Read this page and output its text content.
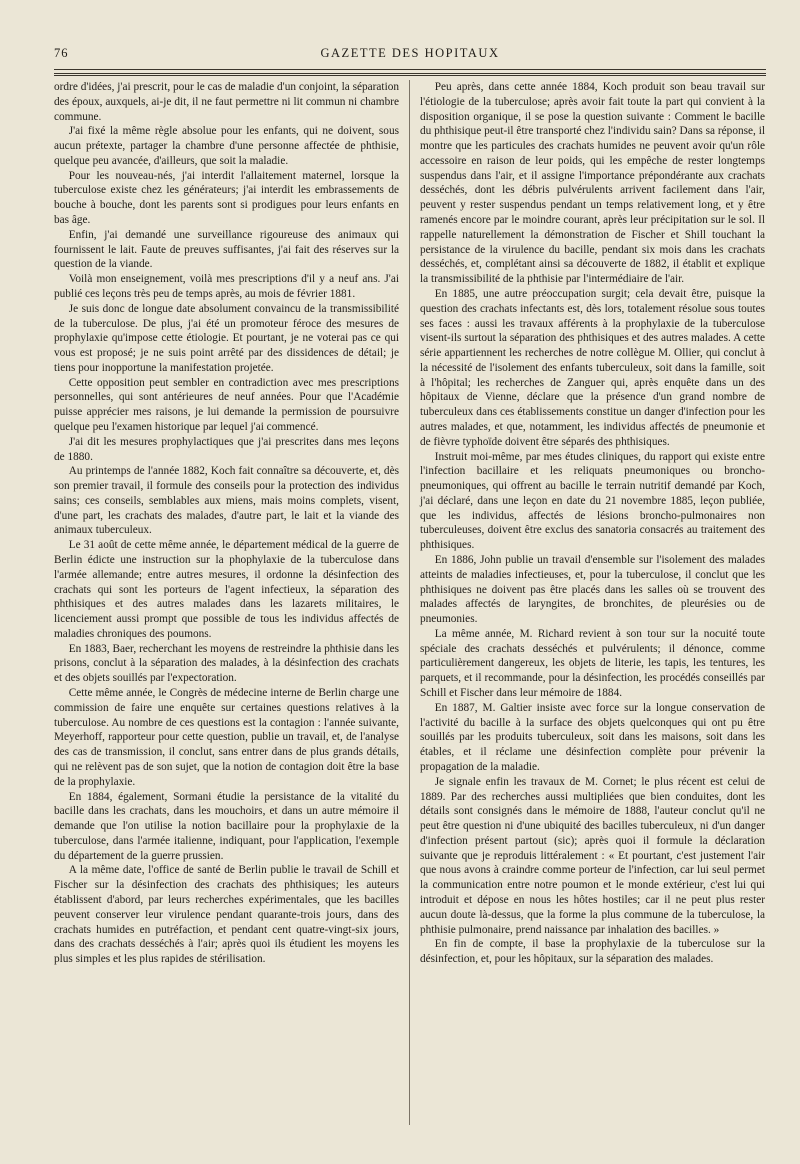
76	GAZETTE DES HOPITAUX

ordre d'idées, j'ai prescrit, pour le cas de maladie d'un conjoint, la séparation des époux, auxquels, ai-je dit, il ne faut permettre ni lit commun ni chambre commune.

J'ai fixé la même règle absolue pour les enfants, qui ne doivent, sous aucun prétexte, partager la chambre d'une personne affectée de phthisie, quelque peu avancée, d'ailleurs, que soit la maladie.

Pour les nouveau-nés, j'ai interdit l'allaitement maternel, lorsque la tuberculose existe chez les générateurs; j'ai interdit les embrassements de bouche à bouche, dont les parents sont si prodigues pour leurs enfants en bas âge.

Enfin, j'ai demandé une surveillance rigoureuse des animaux qui fournissent le lait. Faute de preuves suffisantes, j'ai fait des réserves sur la question de la viande.

Voilà mon enseignement, voilà mes prescriptions d'il y a neuf ans. J'ai publié ces leçons très peu de temps après, au mois de février 1881.

Je suis donc de longue date absolument convaincu de la transmissibilité de la tuberculose. De plus, j'ai été un promoteur féroce des mesures de prophylaxie qu'impose cette étiologie. Et pourtant, je ne voterai pas ce qui vous est proposé; je ne suis point arrêté par des dissidences de détail; je tiens pour inopportune la manifestation projetée.

Cette opposition peut sembler en contradiction avec mes prescriptions personnelles, qui sont antérieures de neuf années. Pour que l'Académie puisse apprécier mes raisons, je lui demande la permission de poursuivre quelque peu l'examen historique par lequel j'ai commencé.

J'ai dit les mesures prophylactiques que j'ai prescrites dans mes leçons de 1880.

Au printemps de l'année 1882, Koch fait connaître sa découverte, et, dès son premier travail, il formule des conseils pour la protection des individus sains; ces conseils, semblables aux miens, mais moins complets, visent, d'une part, les crachats des malades, d'autre part, le lait et la viande des animaux tuberculeux.

Le 31 août de cette même année, le département médical de la guerre de Berlin édicte une instruction sur la phophylaxie de la tuberculose dans l'armée allemande; entre autres mesures, il ordonne la désinfection des crachats qui sont les porteurs de l'agent infectieux, la séparation des phthisiques et des autres malades dans les lazarets militaires, le licenciement aussi prompt que possible de tous les individus affectés de maladies chroniques des poumons.

En 1883, Baer, recherchant les moyens de restreindre la phthisie dans les prisons, conclut à la séparation des malades, à la désinfection des crachats et des objets souillés par l'expectoration.

Cette même année, le Congrès de médecine interne de Berlin charge une commission de faire une enquête sur certaines questions relatives à la tuberculose. Au nombre de ces questions est la contagion : l'année suivante, Meyerhoff, rapporteur pour cette question, publie un travail, et, de l'analyse des cas de transmission, il conclut, sans entrer dans de plus grands détails, qui ne relèvent pas de son sujet, que la notion de contagion doit être la base de la prophylaxie.

En 1884, également, Sormani étudie la persistance de la vitalité du bacille dans les crachats, dans les mouchoirs, et dans un autre mémoire il demande que l'on utilise la notion bacillaire pour la prophylaxie de la tuberculose, dans l'armée italienne, indiquant, pour l'application, l'exemple du département de la guerre prussien.

A la même date, l'office de santé de Berlin publie le travail de Schill et Fischer sur la désinfection des crachats des phthisiques; les auteurs établissent d'abord, par leurs recherches expérimentales, que les bacilles peuvent conserver leur virulence pendant quarante-trois jours, dans des crachats humides en putréfaction, et pendant cent quatre-vingt-six jours, dans des crachats desséchés à l'air; après quoi ils étudient les moyens les plus simples et les plus rapides de stérilisation.

Peu après, dans cette année 1884, Koch produit son beau travail sur l'étiologie de la tuberculose; après avoir fait toute la part qui convient à la disposition organique, il se pose la question suivante : Comment le bacille du phthisique peut-il être transporté chez l'individu sain? Dans sa réponse, il montre que les particules des crachats humides ne peuvent avoir qu'un rôle accessoire en raison de leur poids, qui les empêche de rester longtemps suspendus dans l'air, et il assigne l'importance prépondérante aux crachats desséchés, dont les débris pulvérulents arrivent facilement dans l'air, peuvent y rester suspendus pendant un temps relativement long, et y être ramenés encore par le moindre courant, après leur précipitation sur le sol. Il rappelle naturellement la démonstration de Fischer et Shill touchant la persistance de la virulence du bacille, pendant six mois dans les crachats desséchés, et, complétant ainsi sa découverte de 1882, il établit et explique la transmissibilité de la phthisie par l'intermédiaire de l'air.

En 1885, une autre préoccupation surgit; cela devait être, puisque la question des crachats infectants est, dès lors, totalement résolue sous toutes ses faces : aussi les travaux afférents à la prophylaxie de la tuberculose visent-ils surtout la séparation des phthisiques et des autres malades. A cette série appartiennent les recherches de notre collègue M. Ollier, qui conclut à la nécessité de l'isolement des enfants tuberculeux, soit dans la famille, soit à l'hôpital; les recherches de Zanguer qui, après enquête dans un des hôpitaux de Vienne, déclare que la présence d'un grand nombre de tuberculeux dans ces établissements constitue un danger d'infection pour les autres malades, et que, notamment, les individus affectés de pneumonie et de fièvre typhoïde doivent être séparés des phthisiques.

Instruit moi-même, par mes études cliniques, du rapport qui existe entre l'infection bacillaire et les reliquats pneumoniques ou broncho-pneumoniques, qui offrent au bacille le terrain nutritif demandé par Koch, j'ai déclaré, dans une leçon en date du 21 novembre 1885, leçon publiée, que les individus, affectés de lésions broncho-pulmonaires non tuberculeuses, doivent être exclus des sanatoria consacrés au traitement des phthisiques.

En 1886, John publie un travail d'ensemble sur l'isolement des malades atteints de maladies infectieuses, et, pour la tuberculose, il conclut que les phthisiques ne doivent pas être placés dans les salles où se trouvent des malades affectés de laryngites, de bronchites, de pleurésies ou de pneumonies.

La même année, M. Richard revient à son tour sur la nocuité toute spéciale des crachats desséchés et pulvérulents; il dénonce, comme particulièrement dangereux, les objets de literie, les tapis, les tentures, les parquets, et il recommande, pour la désinfection, les procédés conseillés par Schill et Fischer dans leur mémoire de 1884.

En 1887, M. Galtier insiste avec force sur la longue conservation de l'activité du bacille à la surface des objets quelconques qui ont pu être souillés par les produits tuberculeux, soit dans les maisons, soit dans les étables, et il réclame une désinfection complète pour prévenir la propagation de la maladie.

Je signale enfin les travaux de M. Cornet; le plus récent est celui de 1889. Par des recherches aussi multipliées que bien conduites, dont les détails sont consignés dans le mémoire de 1888, l'auteur conclut qu'il ne peut être question ni d'une ubiquité des bacilles tuberculeux, ni d'un danger d'infection présent partout (sic); après quoi il formule la déclaration suivante que je reproduis littéralement : « Et pourtant, c'est justement l'air que nous avons à craindre comme porteur de l'infection, car lui seul permet la communication entre notre poumon et le monde extérieur, c'est lui qui introduit et dépose en nous les hôtes hostiles; car il ne peut plus rester aucun doute là-dessus, que la forme la plus commune de la tuberculose, la phthisie pulmonaire, prend naissance par inhalation des bacilles. »

En fin de compte, il base la prophylaxie de la tuberculose sur la désinfection, et, pour les hôpitaux, sur la séparation des malades.
